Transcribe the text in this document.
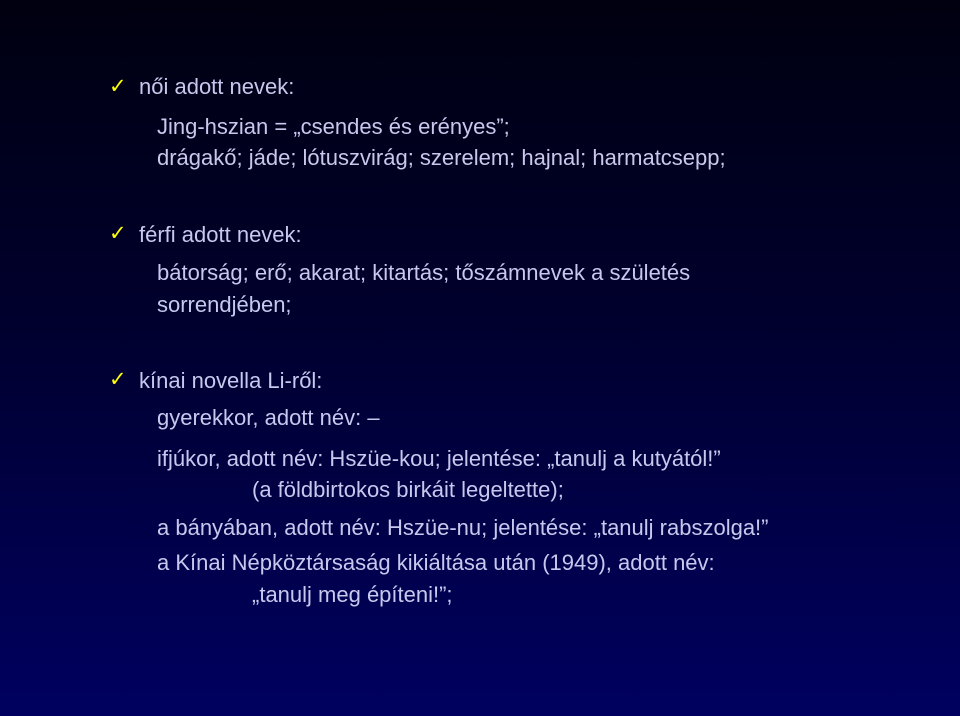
✓ női adott nevek:
Jing-hszian = „csendes és erényes”;
drágakő; jáde; lótuszvirág; szerelem; hajnal; harmatcsepp;
✓ férfi adott nevek:
bátorság; erő; akarat; kitartás; tőszámnevek a születés
sorrendjében;
✓ kínai novella Li-ről:
gyerekkor, adott név: –
ifjúkor, adott név: Hszüe-kou; jelentése: „tanulj a kutyától!”
(a földbirtokos birkáit legeltette);
a bányában, adott név: Hszüe-nu; jelentése: „tanulj rabszolga!”
a Kínai Népköztársaság kikiáltása után (1949), adott név:
„tanulj meg építeni!”;
